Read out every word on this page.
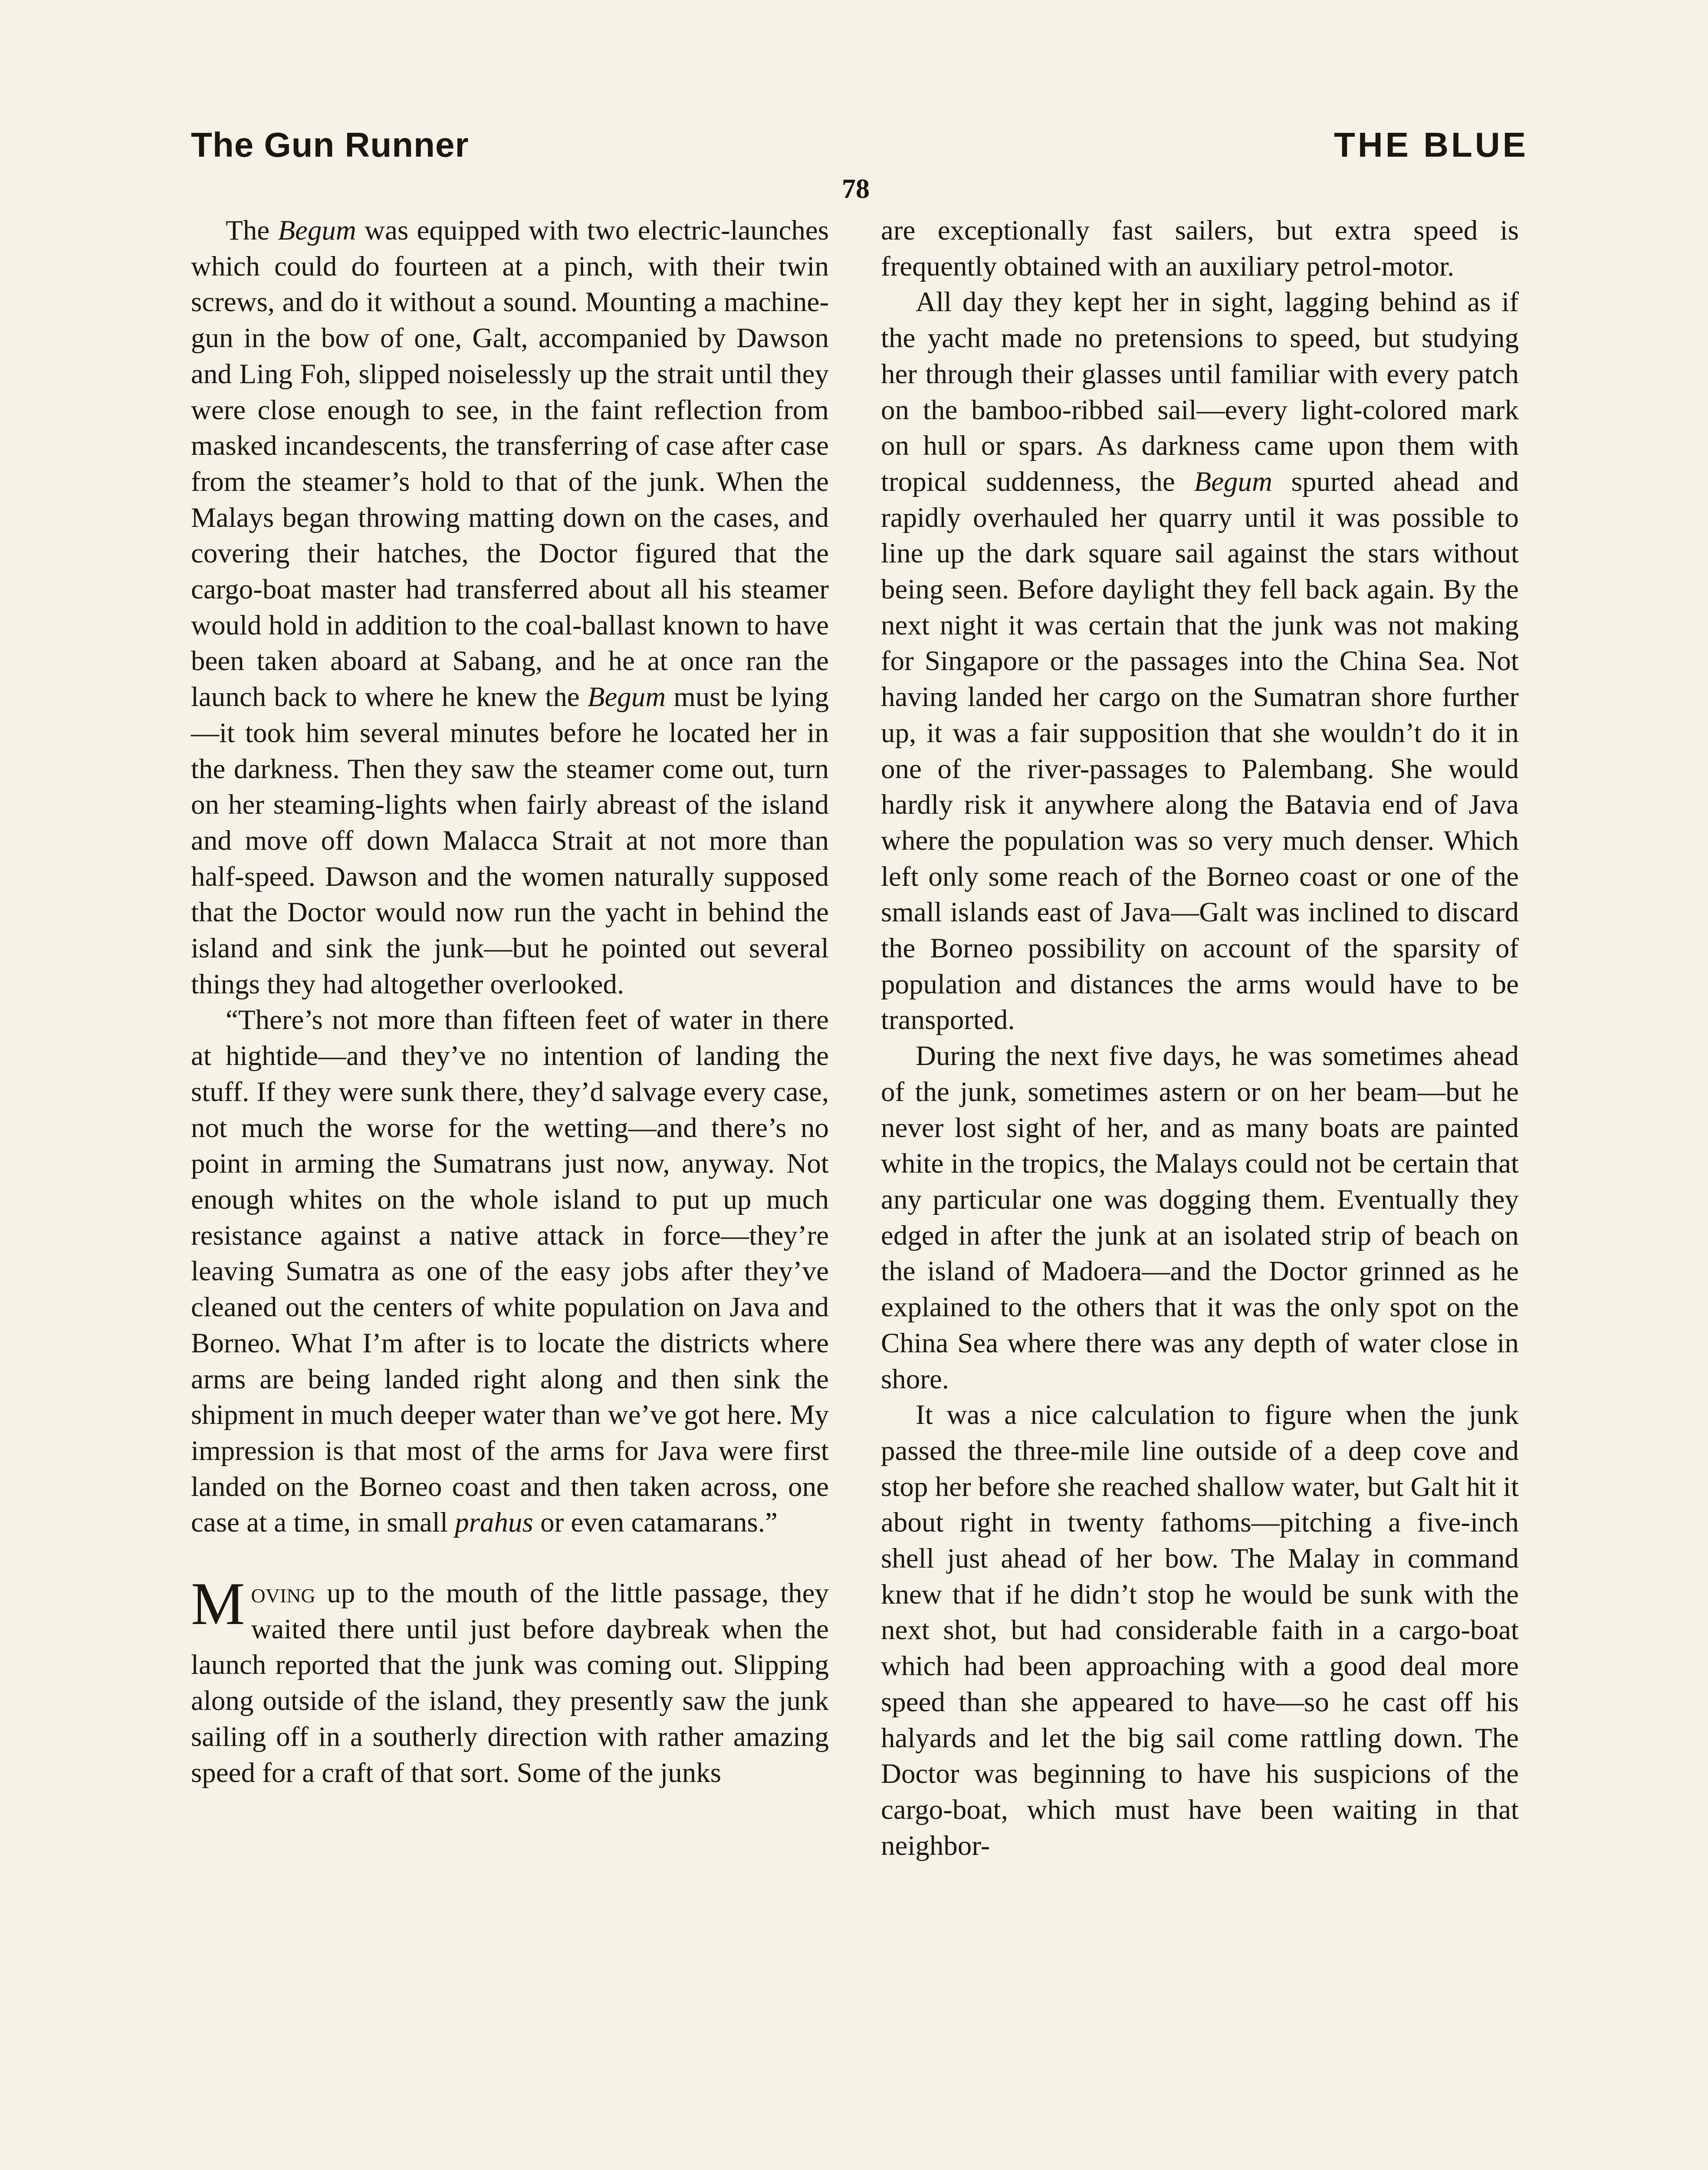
The Gun Runner	THE BLUE
78

The Begum was equipped with two electric-launches which could do fourteen at a pinch, with their twin screws, and do it without a sound. Mounting a machine-gun in the bow of one, Galt, accompanied by Dawson and Ling Foh, slipped noiselessly up the strait until they were close enough to see, in the faint reflection from masked incandescents, the transferring of case after case from the steamer’s hold to that of the junk. When the Malays began throwing matting down on the cases, and covering their hatches, the Doctor figured that the cargo-boat master had transferred about all his steamer would hold in addition to the coal-ballast known to have been taken aboard at Sabang, and he at once ran the launch back to where he knew the Begum must be lying—it took him several minutes before he located her in the darkness. Then they saw the steamer come out, turn on her steaming-lights when fairly abreast of the island and move off down Malacca Strait at not more than half-speed. Dawson and the women naturally supposed that the Doctor would now run the yacht in behind the island and sink the junk—but he pointed out several things they had altogether overlooked.

“There’s not more than fifteen feet of water in there at hightide—and they’ve no intention of landing the stuff. If they were sunk there, they’d salvage every case, not much the worse for the wetting—and there’s no point in arming the Sumatrans just now, anyway. Not enough whites on the whole island to put up much resistance against a native attack in force—they’re leaving Sumatra as one of the easy jobs after they’ve cleaned out the centers of white population on Java and Borneo. What I’m after is to locate the districts where arms are being landed right along and then sink the shipment in much deeper water than we’ve got here. My impression is that most of the arms for Java were first landed on the Borneo coast and then taken across, one case at a time, in small prahus or even catamarans.”

Moving up to the mouth of the little passage, they waited there until just before daybreak when the launch reported that the junk was coming out. Slipping along outside of the island, they presently saw the junk sailing off in a southerly direction with rather amazing speed for a craft of that sort. Some of the junks

are exceptionally fast sailers, but extra speed is frequently obtained with an auxiliary petrol-motor.

All day they kept her in sight, lagging behind as if the yacht made no pretensions to speed, but studying her through their glasses until familiar with every patch on the bamboo-ribbed sail—every light-colored mark on hull or spars. As darkness came upon them with tropical suddenness, the Begum spurted ahead and rapidly overhauled her quarry until it was possible to line up the dark square sail against the stars without being seen. Before daylight they fell back again. By the next night it was certain that the junk was not making for Singapore or the passages into the China Sea. Not having landed her cargo on the Sumatran shore further up, it was a fair supposition that she wouldn’t do it in one of the river-passages to Palembang. She would hardly risk it anywhere along the Batavia end of Java where the population was so very much denser. Which left only some reach of the Borneo coast or one of the small islands east of Java—Galt was inclined to discard the Borneo possibility on account of the sparsity of population and distances the arms would have to be transported.

During the next five days, he was sometimes ahead of the junk, sometimes astern or on her beam—but he never lost sight of her, and as many boats are painted white in the tropics, the Malays could not be certain that any particular one was dogging them. Eventually they edged in after the junk at an isolated strip of beach on the island of Madoera—and the Doctor grinned as he explained to the others that it was the only spot on the China Sea where there was any depth of water close in shore.

It was a nice calculation to figure when the junk passed the three-mile line outside of a deep cove and stop her before she reached shallow water, but Galt hit it about right in twenty fathoms—pitching a five-inch shell just ahead of her bow. The Malay in command knew that if he didn’t stop he would be sunk with the next shot, but had considerable faith in a cargo-boat which had been approaching with a good deal more speed than she appeared to have—so he cast off his halyards and let the big sail come rattling down. The Doctor was beginning to have his suspicions of the cargo-boat, which must have been waiting in that neighbor-
